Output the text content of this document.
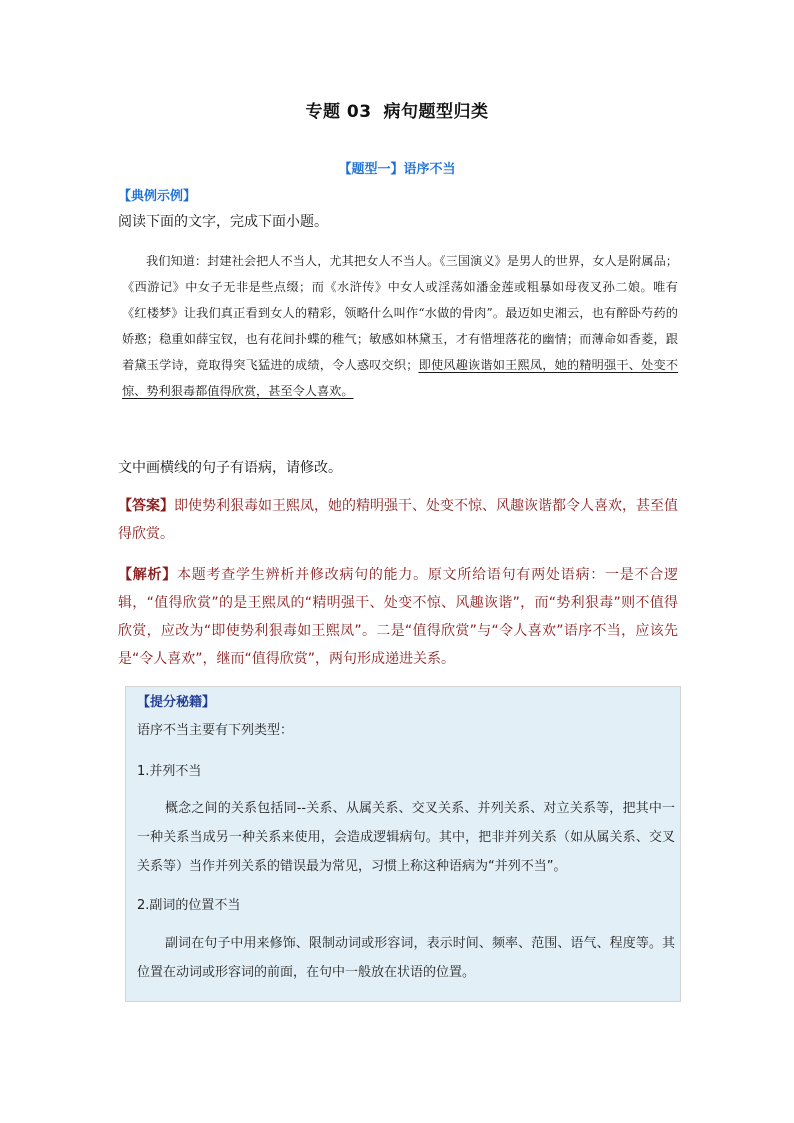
专题 03 病句题型归类
【题型一】语序不当
【典例示例】
阅读下面的文字，完成下面小题。
我们知道：封建社会把人不当人，尤其把女人不当人。《三国演义》是男人的世界，女人是附属品；《西游记》中女子无非是些点缀；而《水浒传》中女人或淫荡如潘金莲或粗暴如母夜叉孙二娘。唯有《红楼梦》让我们真正看到女人的精彩，领略什么叫作“水做的骨肉”。最迈如史湘云，也有醉卧芍药的娇憨；稳重如薛宝钗，也有花间扑蝶的稚气；敏感如林黛玉，才有惜埋落花的幽情；而薄命如香菱，跟着黛玉学诗，竟取得突飞猛进的成绩，令人惑叹交织；即使风趣诙谐如王熙凤，她的精明强干、处变不惊、势利狠毒都值得欣赏，甚至令人喜欢。
文中画横线的句子有语病，请修改。
【答案】即使势利狠毒如王熙凤，她的精明强干、处变不惊、风趣诙谐都令人喜欢，甚至值得欣赏。
【解析】本题考查学生辨析并修改病句的能力。原文所给语句有两处语病：一是不合逻辑，“值得欣赏”的是王熙凤的“精明强干、处变不惊、风趣诙谐”，而“势利狠毒”则不值得欣赏，应改为“即使势利狠毒如王熙凤”。二是“值得欣赏”与“令人喜欢”语序不当，应该先是“令人喜欢”，继而“值得欣赏”，两句形成递进关系。
【提分秘籍】
语序不当主要有下列类型：
1.并列不当
概念之间的关系包括同--关系、从属关系、交叉关系、并列关系、对立关系等，把其中一一种关系当成另一种关系来使用，会造成逻辑病句。其中，把非并列关系（如从属关系、交叉关系等）当作并列关系的错误最为常见，习惯上称这种语病为“并列不当”。
2.副词的位置不当
副词在句子中用来修饰、限制动词或形容词，表示时间、频率、范围、语气、程度等。其位置在动词或形容词的前面，在句中一般放在状语的位置。
